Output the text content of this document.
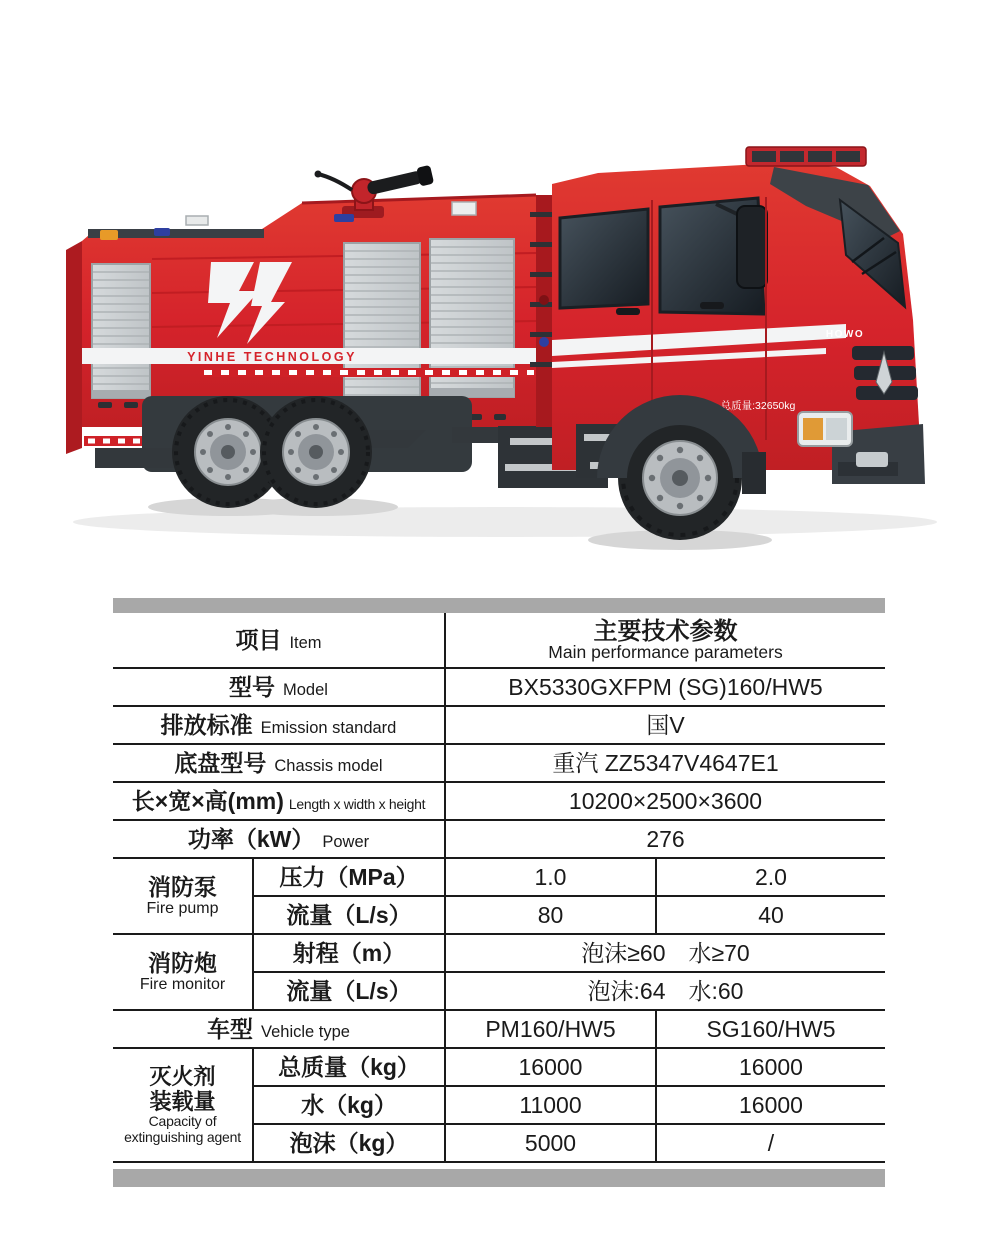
YINHE TECHNOLOGY
总质量:32650kg
HOWO
项目 Item		主要技术参数
Main performance parameters	

型号 Model		BX5330GXFPM (SG)160/HW5	
排放标准 Emission standard		国V	
底盘型号 Chassis model		重汽 ZZ5347V4647E1	
长×宽×高(mm) Length x width x height		10200×2500×3600	
功率（kW） Power		276	

消防泵
Fire pump	压力（MPa）	1.0	2.0
	流量（L/s）	80	40

消防炮
Fire monitor	射程（m）	泡沫≥60　水≥70	
	流量（L/s）	泡沫:64　水:60	
车型 Vehicle type		PM160/HW5	SG160/HW5

灭火剂
装载量
Capacity of
extinguishing agent	总质量（kg）	16000	16000
	水（kg）	11000	16000
	泡沫（kg）	5000	/
